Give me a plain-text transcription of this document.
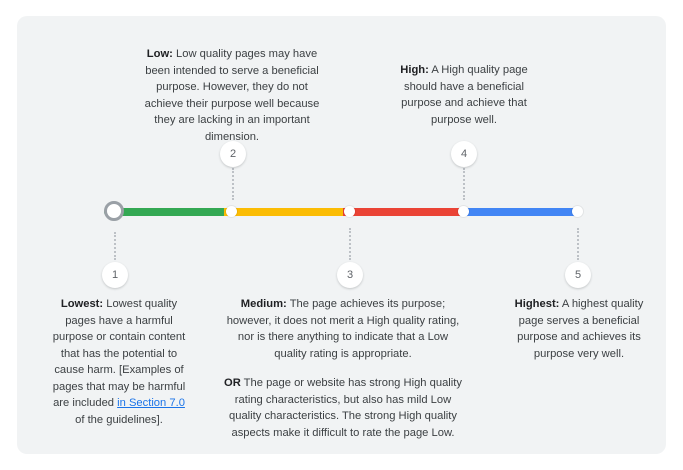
1
2
3
4
5

Low: Low quality pages may have been intended to serve a beneficial purpose. However, they do not achieve their purpose well because they are lacking in an important dimension.

High: A High quality page should have a beneficial purpose and achieve that purpose well.

Lowest: Lowest quality pages have a harmful purpose or contain content that has the potential to cause harm. [Examples of pages that may be harmful are included in Section 7.0 of the guidelines].

Medium: The page achieves its purpose; however, it does not merit a High quality rating, nor is there anything to indicate that a Low quality rating is appropriate.

OR The page or website has strong High quality rating characteristics, but also has mild Low quality characteristics. The strong High quality aspects make it difficult to rate the page Low.

Highest: A highest quality page serves a beneficial purpose and achieves its purpose very well.
